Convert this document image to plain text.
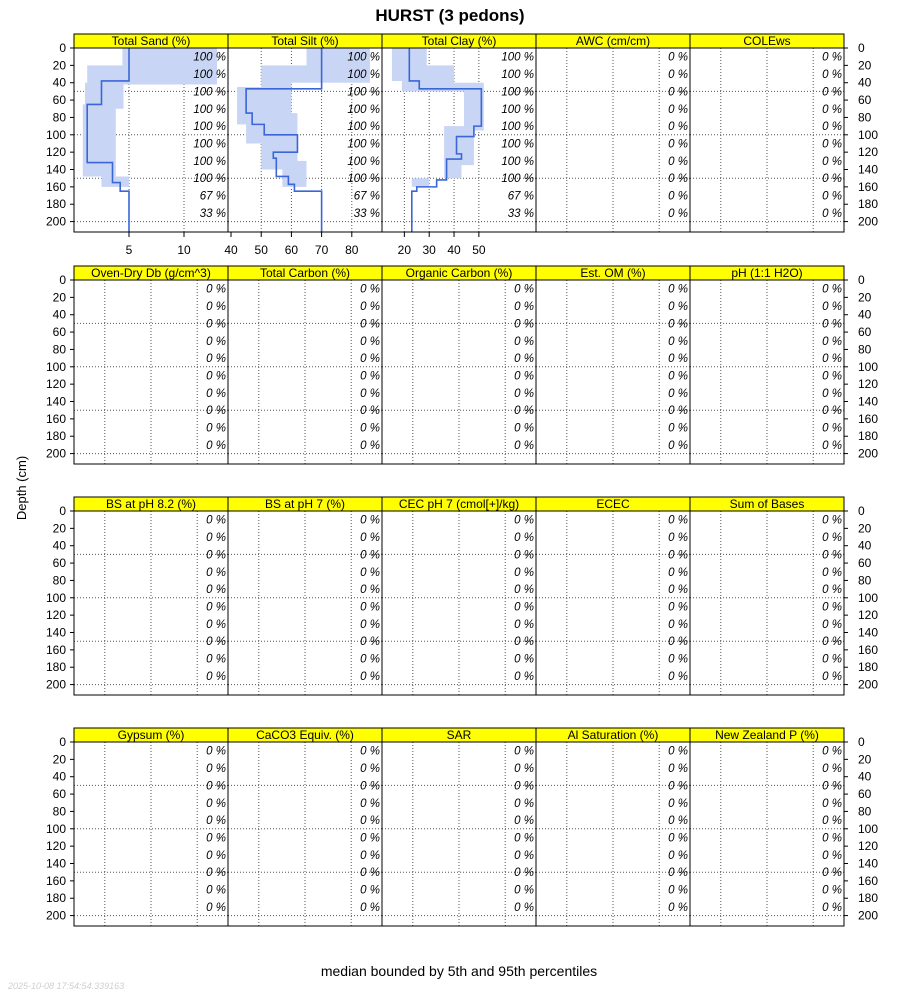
HURST (3 pedons)
Total Sand (%)
100 %
100 %
100 %
100 %
100 %
100 %
100 %
100 %
67 %
33 %
5	10
Total Silt (%)
100 %
100 %
100 %
100 %
100 %
100 %
100 %
100 %
67 %
33 %
40 50 60 70 80
Total Clay (%)
100 %
100 %
100 %
100 %
100 %
100 %
100 %
100 %
67 %
33 %
20 30 40 50
AWC (cm/cm)
0 %
0 %
0 %
0 %
0 %
0 %
0 %
0 %
0 %
0 %
COLEws
0 %
0 %
0 %
0 %
0 %
0 %
0 %
0 %
0 %
0 %
0	0
20	20
40	40
60	60
80	80
100	100
120	120
140	140
160	160
180	180
200	200
Oven-Dry Db (g/cm^3)
0 %
0 %
0 %
0 %
0 %
0 %
0 %
0 %
0 %
0 %
Total Carbon (%)
0 %
0 %
0 %
0 %
0 %
0 %
0 %
0 %
0 %
0 %
Organic Carbon (%)
0 %
0 %
0 %
0 %
0 %
0 %
0 %
0 %
0 %
0 %
Est. OM (%)
0 %
0 %
0 %
0 %
0 %
0 %
0 %
0 %
0 %
0 %
pH (1:1 H2O)
0 %
0 %
0 %
0 %
0 %
0 %
0 %
0 %
0 %
0 %
0	0
20	20
40	40
60	60
80	80
100	100
120	120
140	140
160	160
180	180
200	200
BS at pH 8.2 (%)
0 %
0 %
0 %
0 %
0 %
0 %
0 %
0 %
0 %
0 %
BS at pH 7 (%)
0 %
0 %
0 %
0 %
0 %
0 %
0 %
0 %
0 %
0 %
CEC pH 7 (cmol[+]/kg)
0 %
0 %
0 %
0 %
0 %
0 %
0 %
0 %
0 %
0 %
ECEC
0 %
0 %
0 %
0 %
0 %
0 %
0 %
0 %
0 %
0 %
Sum of Bases
0 %
0 %
0 %
0 %
0 %
0 %
0 %
0 %
0 %
0 %
0	0
20	20
40	40
60	60
80	80
100	100
120	120
140	140
160	160
180	180
200	200
Gypsum (%)
0 %
0 %
0 %
0 %
0 %
0 %
0 %
0 %
0 %
0 %
CaCO3 Equiv. (%)
0 %
0 %
0 %
0 %
0 %
0 %
0 %
0 %
0 %
0 %
SAR
0 %
0 %
0 %
0 %
0 %
0 %
0 %
0 %
0 %
0 %
Al Saturation (%)
0 %
0 %
0 %
0 %
0 %
0 %
0 %
0 %
0 %
0 %
New Zealand P (%)
0 %
0 %
0 %
0 %
0 %
0 %
0 %
0 %
0 %
0 %
0	0
20	20
40	40
60	60
80	80
100	100
120	120
140	140
160	160
180	180
200	200
Depth (cm)
median bounded by 5th and 95th percentiles
2025-10-08 17:54:54.339163
